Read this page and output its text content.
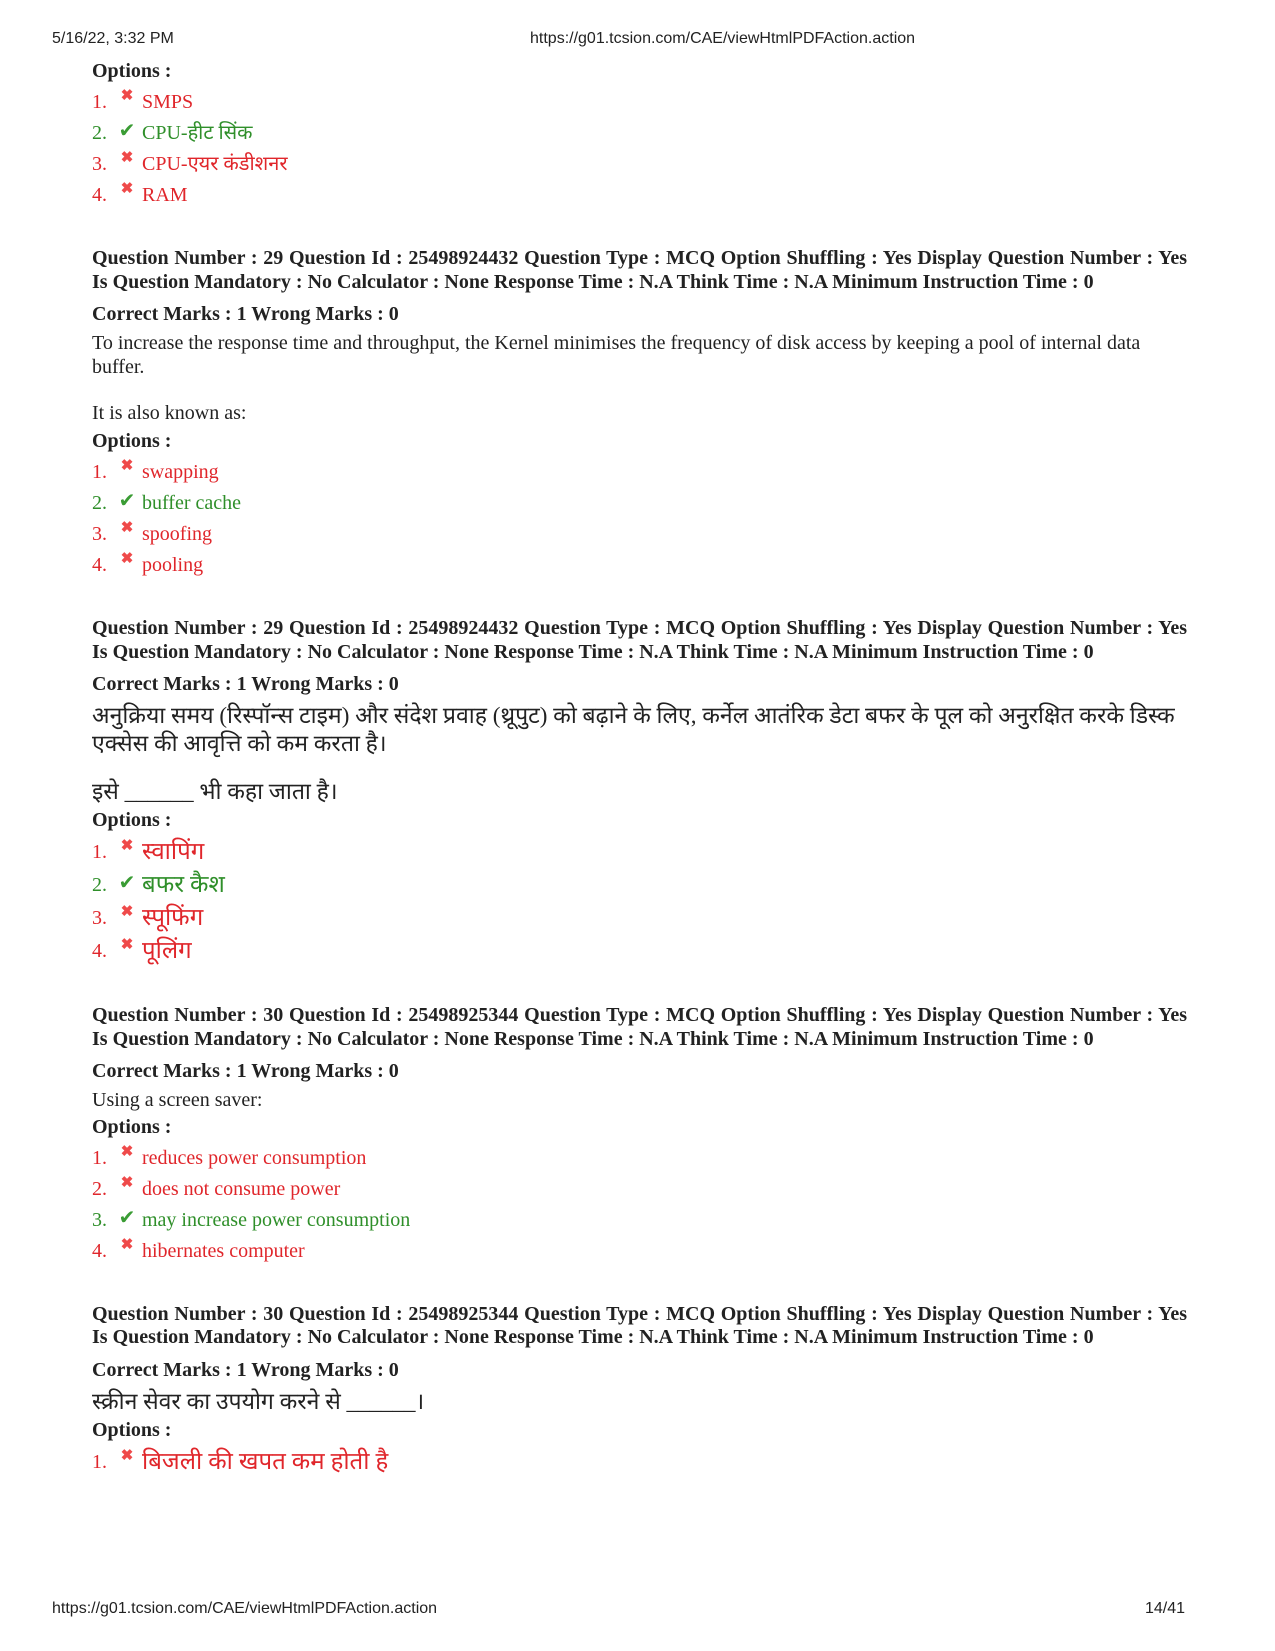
5/16/22, 3:32 PM	https://g01.tcsion.com/CAE/viewHtmlPDFAction.action

Options :

1. ✖ SMPS
2. ✔ CPU-हीट सिंक
3. ✖ CPU-एयर कंडीशनर
4. ✖ RAM

Question Number : 29 Question Id : 25498924432 Question Type : MCQ Option Shuffling : Yes Display Question Number : Yes Is Question Mandatory : No Calculator : None Response Time : N.A Think Time : N.A Minimum Instruction Time : 0

Correct Marks : 1 Wrong Marks : 0

To increase the response time and throughput, the Kernel minimises the frequency of disk access by keeping a pool of internal data buffer.

It is also known as:

Options :

1. ✖ swapping
2. ✔ buffer cache
3. ✖ spoofing
4. ✖ pooling

Question Number : 29 Question Id : 25498924432 Question Type : MCQ Option Shuffling : Yes Display Question Number : Yes Is Question Mandatory : No Calculator : None Response Time : N.A Think Time : N.A Minimum Instruction Time : 0

Correct Marks : 1 Wrong Marks : 0

अनुक्रिया समय (रिस्पॉन्स टाइम) और संदेश प्रवाह (थ्रूपुट) को बढ़ाने के लिए, कर्नेल आतंरिक डेटा बफर के पूल को अनुरक्षित करके डिस्क एक्सेस की आवृत्ति को कम करता है।

इसे ______ भी कहा जाता है।

Options :

1. ✖ स्वापिंग
2. ✔ बफर कैश
3. ✖ स्पूफिंग
4. ✖ पूलिंग

Question Number : 30 Question Id : 25498925344 Question Type : MCQ Option Shuffling : Yes Display Question Number : Yes Is Question Mandatory : No Calculator : None Response Time : N.A Think Time : N.A Minimum Instruction Time : 0

Correct Marks : 1 Wrong Marks : 0

Using a screen saver:

Options :

1. ✖ reduces power consumption
2. ✖ does not consume power
3. ✔ may increase power consumption
4. ✖ hibernates computer

Question Number : 30 Question Id : 25498925344 Question Type : MCQ Option Shuffling : Yes Display Question Number : Yes Is Question Mandatory : No Calculator : None Response Time : N.A Think Time : N.A Minimum Instruction Time : 0

Correct Marks : 1 Wrong Marks : 0

स्क्रीन सेवर का उपयोग करने से ______।

Options :

1. ✖ बिजली की खपत कम होती है
https://g01.tcsion.com/CAE/viewHtmlPDFAction.action	14/41
